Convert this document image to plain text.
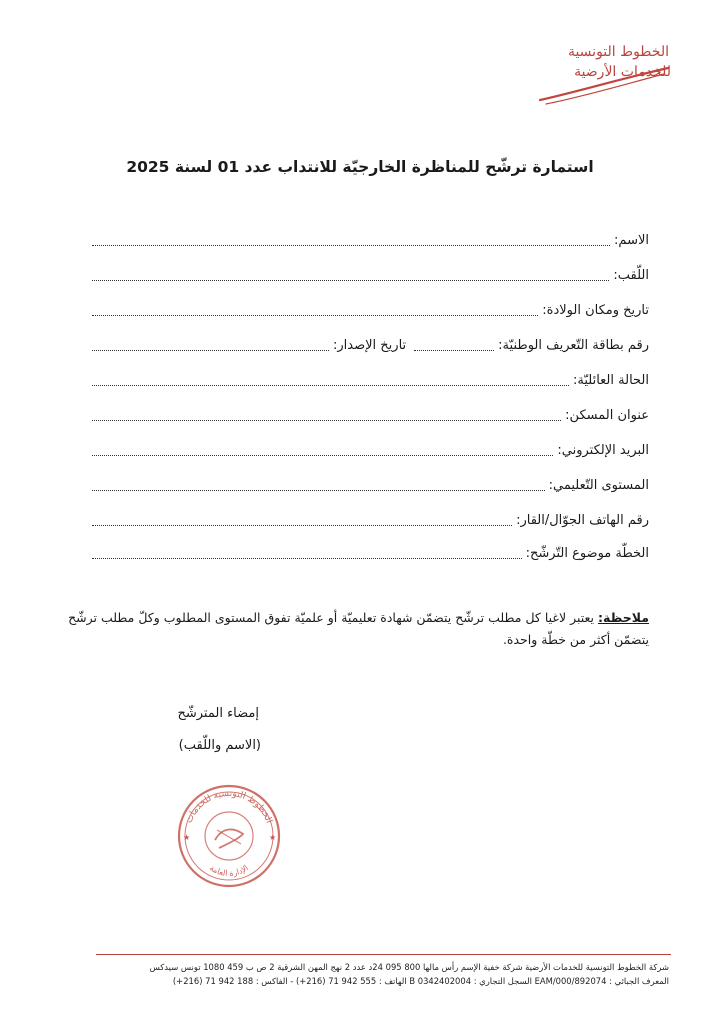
الخطوط التونسية
للخدمات الأرضية
استمارة ترشّح للمناظرة الخارجيّة للانتداب عدد 01 لسنة 2025
الاسم:
اللّقب:
تاريخ ومكان الولادة:
رقم بطاقة التّعريف الوطنيّة:
تاريخ الإصدار:
الحالة العائليّة:
عنوان المسكن:
البريد الإلكتروني:
المستوى التّعليمي:
رقم الهاتف الجوّال/القار:
الخطّة موضوع التّرشّح:
ملاحظة: يعتبر لاغيا كل مطلب ترشّح يتضمّن شهادة تعليميّة أو علميّة تفوق المستوى المطلوب وكلّ مطلب ترشّح يتضمّن أكثر من خطّة واحدة.
إمضاء المترشّح
(الاسم واللّقب)
الخطوط التونسية للخدمات
الإدارة العامة
★	★
شركة الخطوط التونسية للخدمات الأرضية شركة خفية الإسم رأس مالها 800 095 24د عدد 2 نهج المهن الشرقية 2 ص ب 459 1080 تونس سيدكس
المعرف الجبائي : 892074/EAM/000 السجل التجاري : B 0342402004 الهاتف : 555 942 71 (216+) - الفاكس : 188 942 71 (216+)
